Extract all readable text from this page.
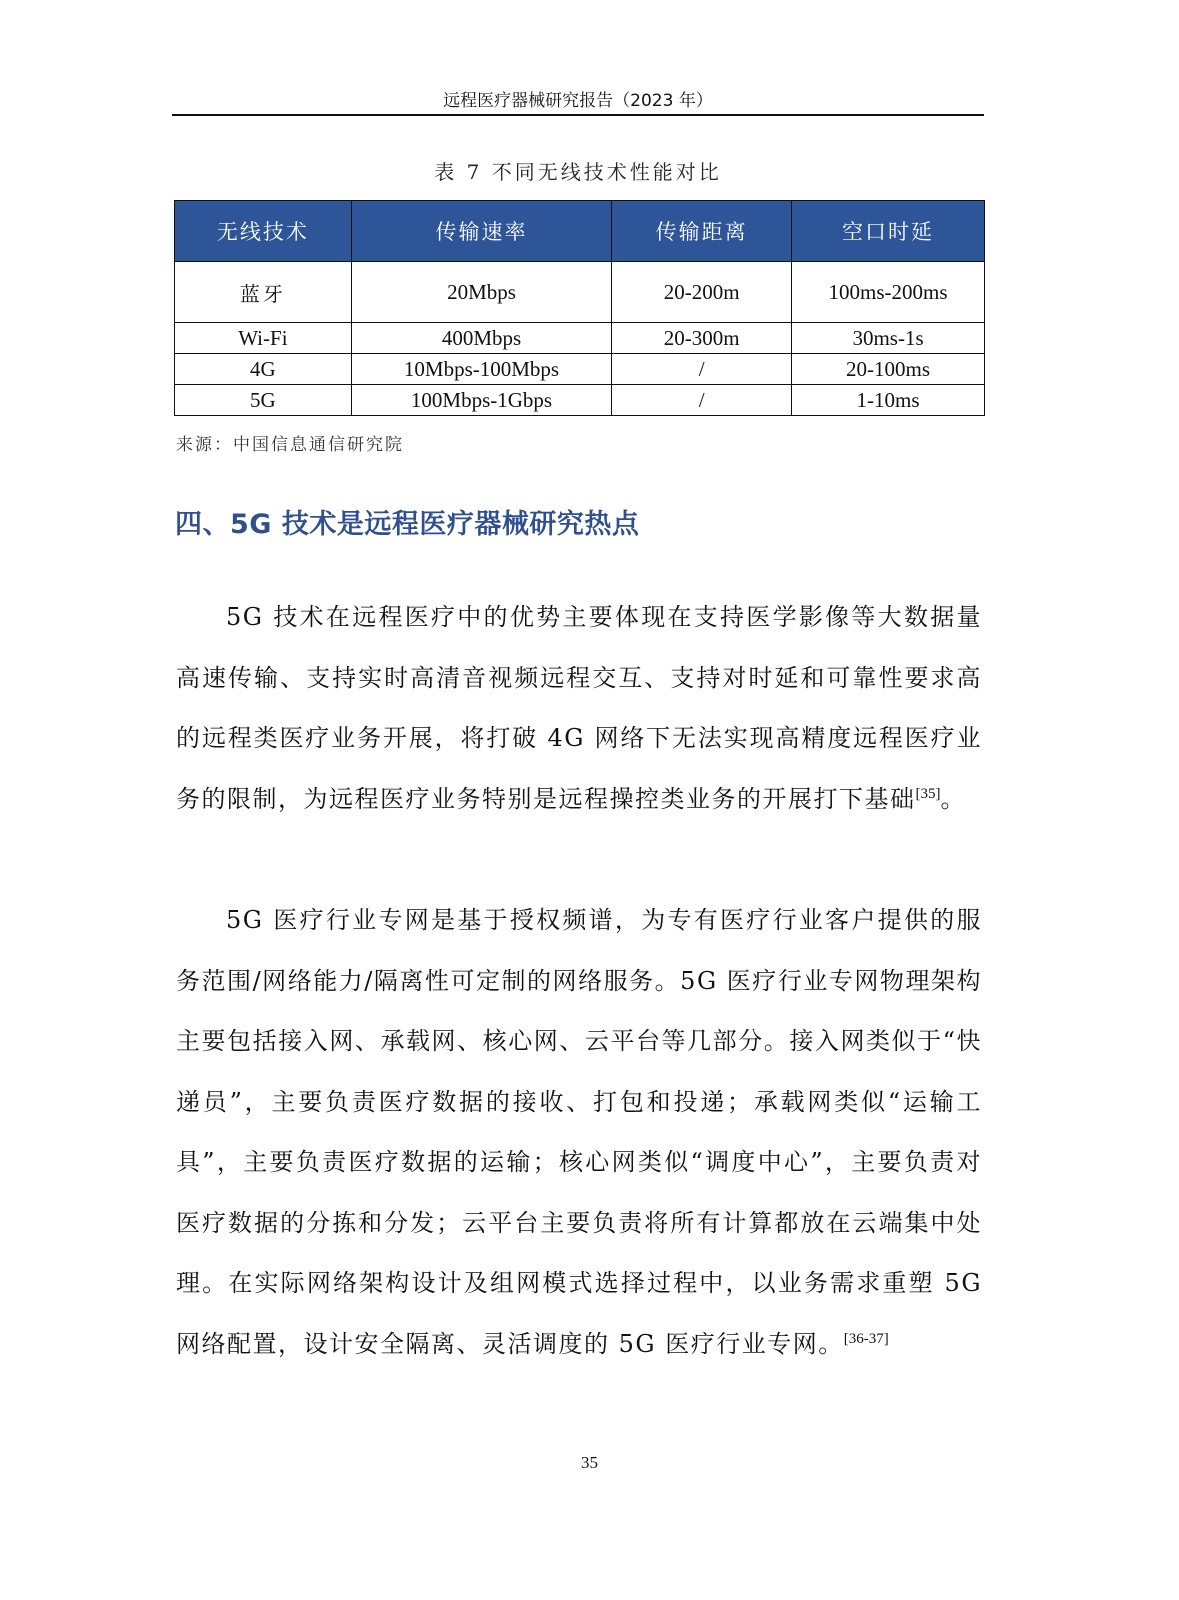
远程医疗器械研究报告（2023 年）
表 7 不同无线技术性能对比
无线技术	传输速率	传输距离	空口时延
蓝牙	20Mbps	20-200m	100ms-200ms
Wi-Fi	400Mbps	20-300m	30ms-1s
4G	10Mbps-100Mbps	/	20-100ms
5G	100Mbps-1Gbps	/	1-10ms
来源：中国信息通信研究院
四、5G 技术是远程医疗器械研究热点

5G 技术在远程医疗中的优势主要体现在支持医学影像等大数据量高速传输、支持实时高清音视频远程交互、支持对时延和可靠性要求高的远程类医疗业务开展，将打破 4G 网络下无法实现高精度远程医疗业务的限制，为远程医疗业务特别是远程操控类业务的开展打下基础[35]。

5G 医疗行业专网是基于授权频谱，为专有医疗行业客户提供的服务范围/网络能力/隔离性可定制的网络服务。5G 医疗行业专网物理架构主要包括接入网、承载网、核心网、云平台等几部分。接入网类似于“快递员”，主要负责医疗数据的接收、打包和投递；承载网类似“运输工具”，主要负责医疗数据的运输；核心网类似“调度中心”，主要负责对医疗数据的分拣和分发；云平台主要负责将所有计算都放在云端集中处理。在实际网络架构设计及组网模式选择过程中，以业务需求重塑 5G 网络配置，设计安全隔离、灵活调度的 5G 医疗行业专网。[36-37]

35
